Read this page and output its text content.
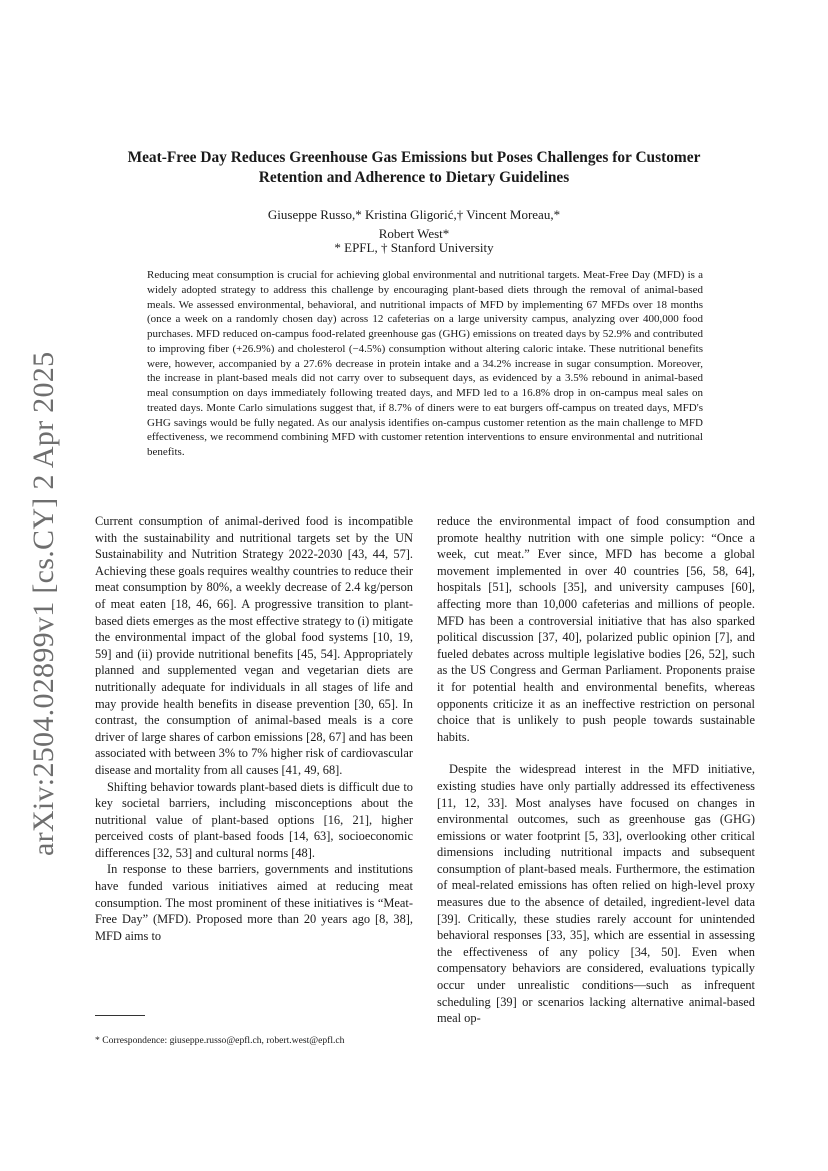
arXiv:2504.02899v1 [cs.CY] 2 Apr 2025
Meat-Free Day Reduces Greenhouse Gas Emissions but Poses Challenges for Customer Retention and Adherence to Dietary Guidelines
Giuseppe Russo,* Kristina Gligorić,† Vincent Moreau,*
Robert West*
* EPFL, † Stanford University
Reducing meat consumption is crucial for achieving global environmental and nutritional targets. Meat-Free Day (MFD) is a widely adopted strategy to address this challenge by encouraging plant-based diets through the removal of animal-based meals. We assessed environmental, behavioral, and nutritional impacts of MFD by implementing 67 MFDs over 18 months (once a week on a randomly chosen day) across 12 cafeterias on a large university campus, analyzing over 400,000 food purchases. MFD reduced on-campus food-related greenhouse gas (GHG) emissions on treated days by 52.9% and contributed to improving fiber (+26.9%) and cholesterol (−4.5%) consumption without altering caloric intake. These nutritional benefits were, however, accompanied by a 27.6% decrease in protein intake and a 34.2% increase in sugar consumption. Moreover, the increase in plant-based meals did not carry over to subsequent days, as evidenced by a 3.5% rebound in animal-based meal consumption on days immediately following treated days, and MFD led to a 16.8% drop in on-campus meal sales on treated days. Monte Carlo simulations suggest that, if 8.7% of diners were to eat burgers off-campus on treated days, MFD's GHG savings would be fully negated. As our analysis identifies on-campus customer retention as the main challenge to MFD effectiveness, we recommend combining MFD with customer retention interventions to ensure environmental and nutritional benefits.

Current consumption of animal-derived food is incompatible with the sustainability and nutritional targets set by the UN Sustainability and Nutrition Strategy 2022-2030 [43, 44, 57]. Achieving these goals requires wealthy countries to reduce their meat consumption by 80%, a weekly decrease of 2.4 kg/person of meat eaten [18, 46, 66]. A progressive transition to plant-based diets emerges as the most effective strategy to (i) mitigate the environmental impact of the global food systems [10, 19, 59] and (ii) provide nutritional benefits [45, 54]. Appropriately planned and supplemented vegan and vegetarian diets are nutritionally adequate for individuals in all stages of life and may provide health benefits in disease prevention [30, 65]. In contrast, the consumption of animal-based meals is a core driver of large shares of carbon emissions [28, 67] and has been associated with between 3% to 7% higher risk of cardiovascular disease and mortality from all causes [41, 49, 68].

Shifting behavior towards plant-based diets is difficult due to key societal barriers, including misconceptions about the nutritional value of plant-based options [16, 21], higher perceived costs of plant-based foods [14, 63], socioeconomic differences [32, 53] and cultural norms [48].

In response to these barriers, governments and institutions have funded various initiatives aimed at reducing meat consumption. The most prominent of these initiatives is “Meat-Free Day” (MFD). Proposed more than 20 years ago [8, 38], MFD aims to

reduce the environmental impact of food consumption and promote healthy nutrition with one simple policy: “Once a week, cut meat.” Ever since, MFD has become a global movement implemented in over 40 countries [56, 58, 64], hospitals [51], schools [35], and university campuses [60], affecting more than 10,000 cafeterias and millions of people. MFD has been a controversial initiative that has also sparked political discussion [37, 40], polarized public opinion [7], and fueled debates across multiple legislative bodies [26, 52], such as the US Congress and German Parliament. Proponents praise it for potential health and environmental benefits, whereas opponents criticize it as an ineffective restriction on personal choice that is unlikely to push people towards sustainable habits.

Despite the widespread interest in the MFD initiative, existing studies have only partially addressed its effectiveness [11, 12, 33]. Most analyses have focused on changes in environmental outcomes, such as greenhouse gas (GHG) emissions or water footprint [5, 33], overlooking other critical dimensions including nutritional impacts and subsequent consumption of plant-based meals. Furthermore, the estimation of meal-related emissions has often relied on high-level proxy measures due to the absence of detailed, ingredient-level data [39]. Critically, these studies rarely account for unintended behavioral responses [33, 35], which are essential in assessing the effectiveness of any policy [34, 50]. Even when compensatory behaviors are considered, evaluations typically occur under unrealistic conditions—such as infrequent scheduling [39] or scenarios lacking alternative animal-based meal op-

* Correspondence: giuseppe.russo@epfl.ch, robert.west@epfl.ch
